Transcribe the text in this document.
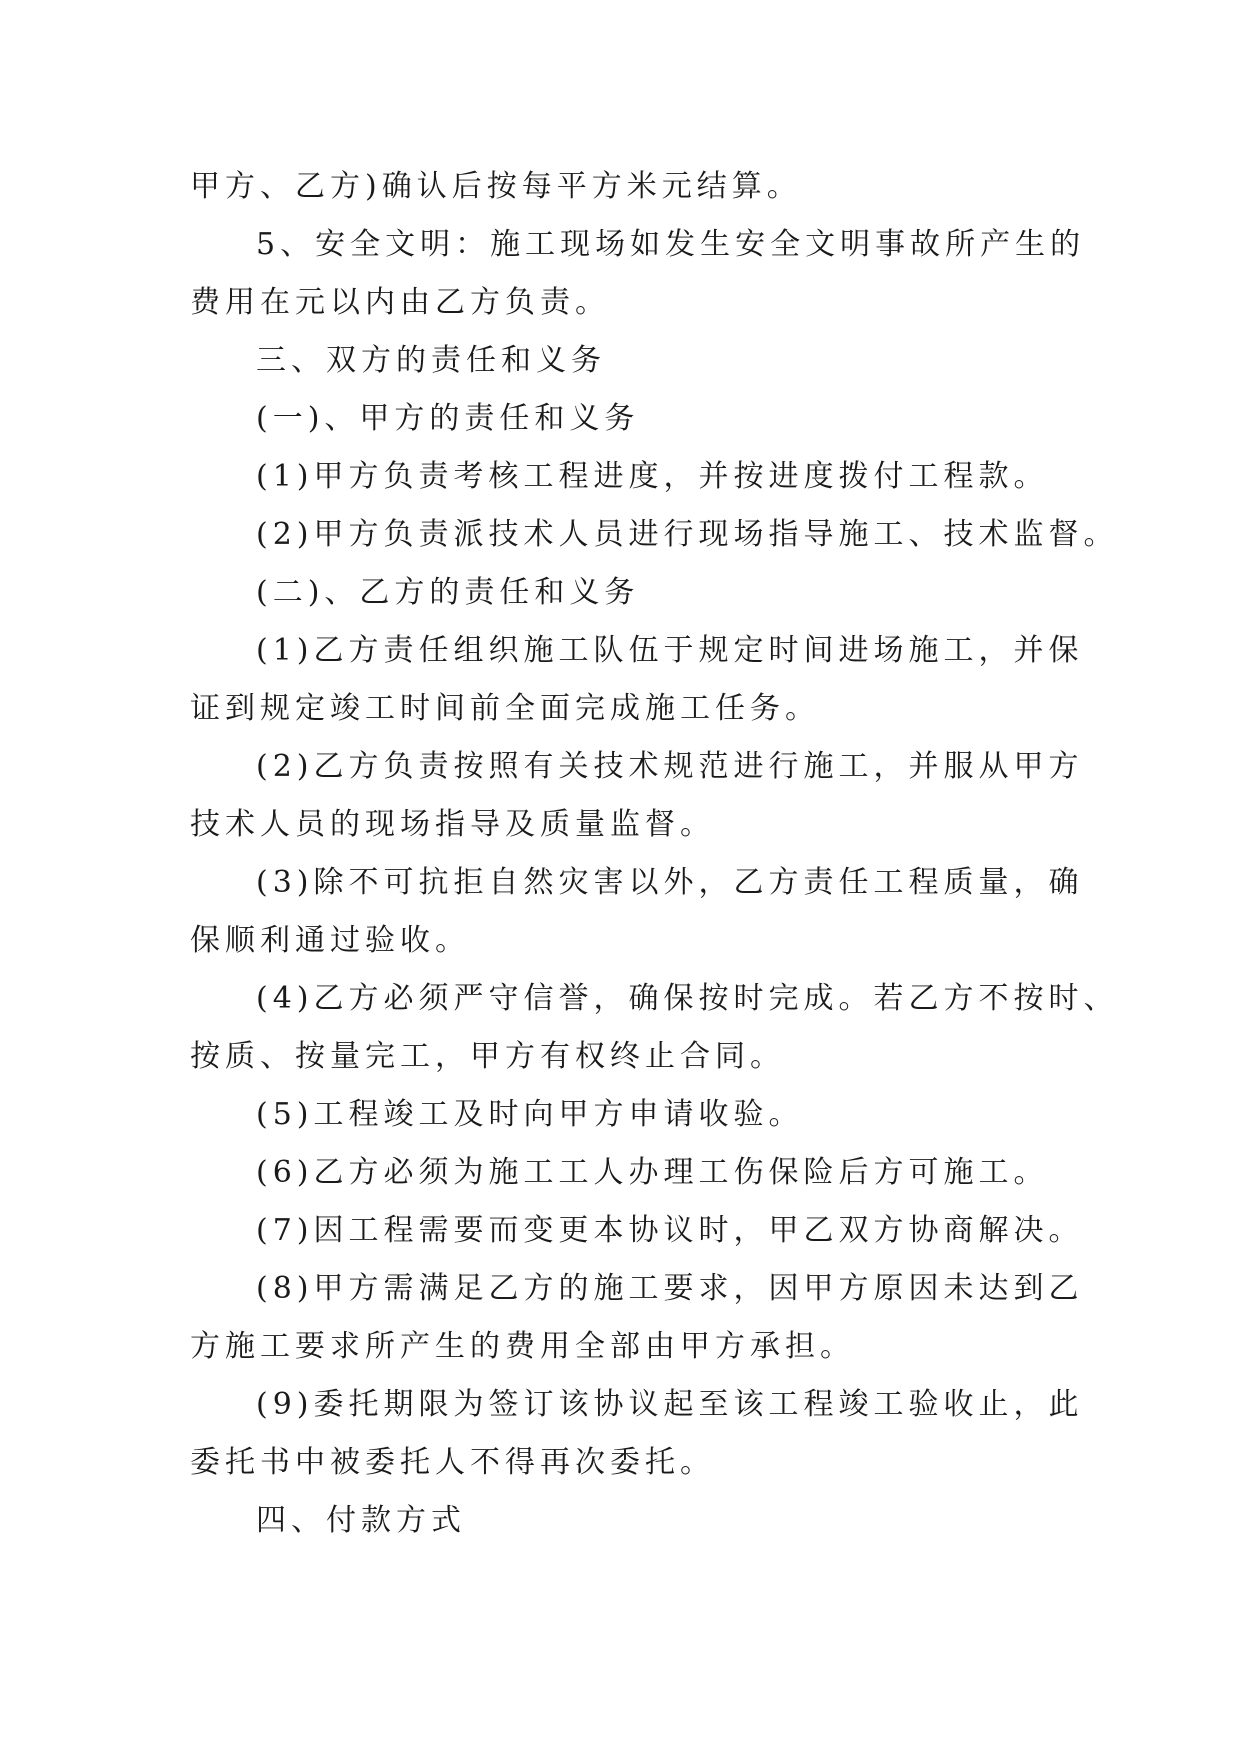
甲方、乙方)确认后按每平方米元结算。
5、安全文明：施工现场如发生安全文明事故所产生的
费用在元以内由乙方负责。
三、双方的责任和义务
(一)、甲方的责任和义务
(1)甲方负责考核工程进度，并按进度拨付工程款。
(2)甲方负责派技术人员进行现场指导施工、技术监督。
(二)、乙方的责任和义务
(1)乙方责任组织施工队伍于规定时间进场施工，并保
证到规定竣工时间前全面完成施工任务。
(2)乙方负责按照有关技术规范进行施工，并服从甲方
技术人员的现场指导及质量监督。
(3)除不可抗拒自然灾害以外，乙方责任工程质量，确
保顺利通过验收。
(4)乙方必须严守信誉，确保按时完成。若乙方不按时、
按质、按量完工，甲方有权终止合同。
(5)工程竣工及时向甲方申请收验。
(6)乙方必须为施工工人办理工伤保险后方可施工。
(7)因工程需要而变更本协议时，甲乙双方协商解决。
(8)甲方需满足乙方的施工要求，因甲方原因未达到乙
方施工要求所产生的费用全部由甲方承担。
(9)委托期限为签订该协议起至该工程竣工验收止，此
委托书中被委托人不得再次委托。
四、付款方式
